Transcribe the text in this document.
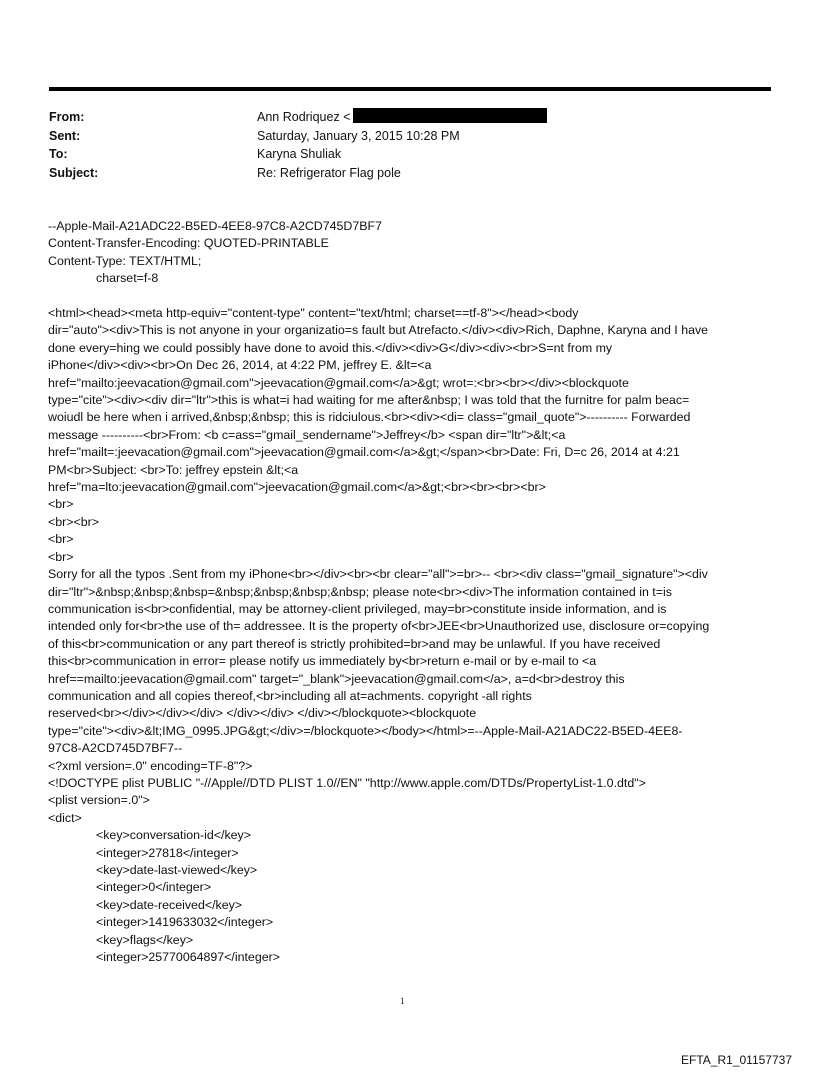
From:	Ann Rodriquez <
Sent:	Saturday, January 3, 2015 10:28 PM
To:	Karyna Shuliak
Subject:	Re: Refrigerator Flag pole
--Apple-Mail-A21ADC22-B5ED-4EE8-97C8-A2CD745D7BF7
Content-Transfer-Encoding: QUOTED-PRINTABLE
Content-Type: TEXT/HTML;
charset=f-8
<html><head><meta http-equiv="content-type" content="text/html; charset==tf-8"></head><body
dir="auto"><div>This is not anyone in your organizatio=s fault but Atrefacto.</div><div>Rich, Daphne, Karyna and I have
done every=hing we could possibly have done to avoid this.</div><div>G</div><div><br>S=nt from my
iPhone</div><div><br>On Dec 26, 2014, at 4:22 PM, jeffrey E. &lt=<a
href="mailto:jeevacation@gmail.com">jeevacation@gmail.com</a>&gt; wrot=:<br><br></div><blockquote
type="cite"><div><div dir="ltr">this is what=i had waiting for me after&nbsp; I was told that the furnitre for palm beac=
woiudl be here when i arrived,&nbsp;&nbsp; this is ridciulous.<br><div><di= class="gmail_quote">---------- Forwarded
message ----------<br>From: <b c=ass="gmail_sendername">Jeffrey</b> <span dir="ltr">&lt;<a
href="mailt=:jeevacation@gmail.com">jeevacation@gmail.com</a>&gt;</span><br>Date: Fri, D=c 26, 2014 at 4:21
PM<br>Subject: <br>To: jeffrey epstein &lt;<a
href="ma=lto:jeevacation@gmail.com">jeevacation@gmail.com</a>&gt;<br><br><br><br>
<br>
<br><br>
<br>
<br>
Sorry for all the typos .Sent from my iPhone<br></div><br><br clear="all">=br>-- <br><div class="gmail_signature"><div
dir="ltr">&nbsp;&nbsp;&nbsp=&nbsp;&nbsp;&nbsp;&nbsp; please note<br><div>The information contained in t=is
communication is<br>confidential, may be attorney-client privileged, may=br>constitute inside information, and is
intended only for<br>the use of th= addressee. It is the property of<br>JEE<br>Unauthorized use, disclosure or=copying
of this<br>communication or any part thereof is strictly prohibited=br>and may be unlawful. If you have received
this<br>communication in error= please notify us immediately by<br>return e-mail or by e-mail to <a
href==mailto:jeevacation@gmail.com" target="_blank">jeevacation@gmail.com</a>, a=d<br>destroy this
communication and all copies thereof,<br>including all at=achments. copyright -all rights
reserved<br></div></div></div> </div></div> </div></blockquote><blockquote
type="cite"><div>&lt;IMG_0995.JPG&gt;</div>=/blockquote></body></html>=--Apple-Mail-A21ADC22-B5ED-4EE8-
97C8-A2CD745D7BF7--
<?xml version=.0" encoding=TF-8"?>
<!DOCTYPE plist PUBLIC "-//Apple//DTD PLIST 1.0//EN" "http://www.apple.com/DTDs/PropertyList-1.0.dtd">
<plist version=.0">
<dict>
<key>conversation-id</key>
<integer>27818</integer>
<key>date-last-viewed</key>
<integer>0</integer>
<key>date-received</key>
<integer>1419633032</integer>
<key>flags</key>
<integer>25770064897</integer>
1
EFTA_R1_01157737
